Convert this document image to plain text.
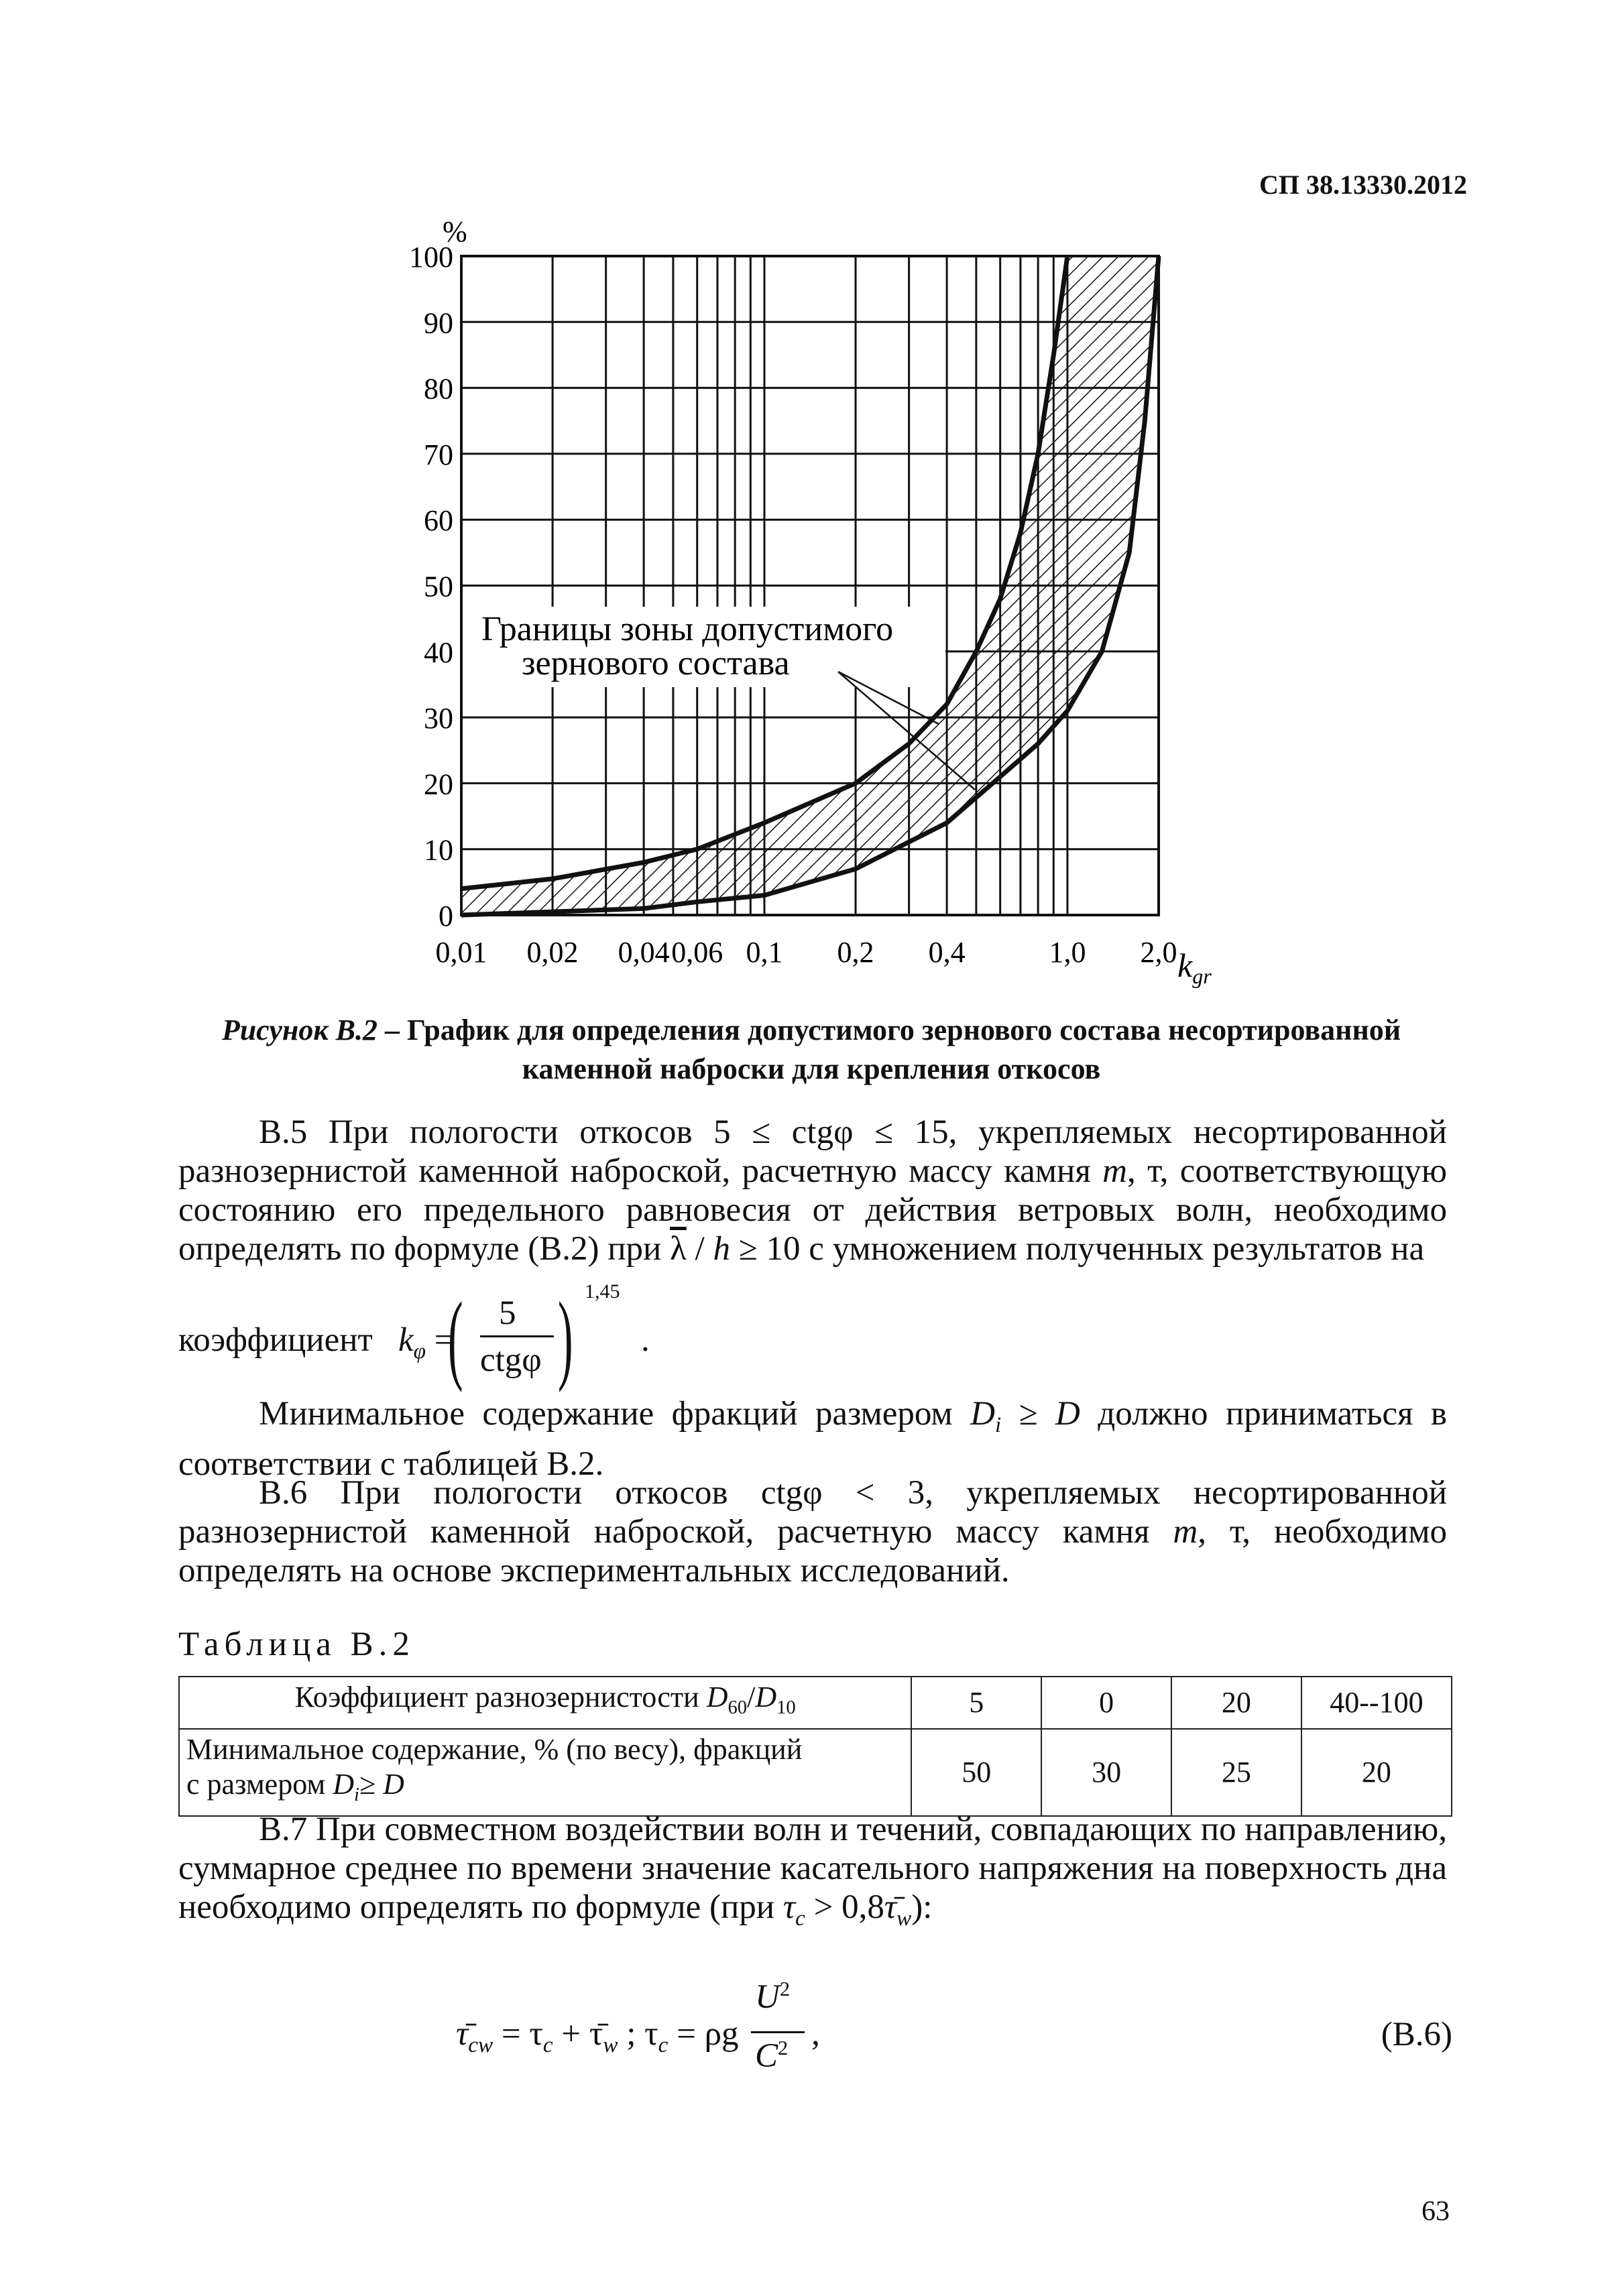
СП 38.13330.2012
0
10
20
30
40
50
60
70
80
90
100
0,01 0,02 0,04 0,06 0,1 0,2 0,4	1,0 2,0
%
$k_{gr}$
Границы зоны допустимого
зернового состава
Рисунок В.2 – График для определения допустимого зернового состава несортированной каменной наброски для крепления откосов
В.5 При пологости откосов 5 ≤ ctgφ ≤ 15, укрепляемых несортированной разнозернистой каменной наброской, расчетную массу камня m, т, соответствующую состоянию его предельного равновесия от действия ветровых волн, необходимо определять по формуле (В.2) при $\overline{\lambda} / h \ge 10$ с умножением полученных результатов на
коэффициент $k_\varphi$ =
( 5
ctgφ ) 1,45
.
Минимальное содержание фракций размером $D_i \ge D$ должно приниматься в соответствии с таблицей В.2.
В.6 При пологости откосов ctgφ < 3, укрепляемых несортированной разнозернистой каменной наброской, расчетную массу камня m, т, необходимо определять на основе экспериментальных исследований.
Таблица В.2
Коэффициент разнозернистости $D_{60}/D_{10}$	5	0	20	40--100
Минимальное содержание, % (по весу), фракций
с размером $D_i\ge D$	50	30	25	20
В.7 При совместном воздействии волн и течений, совпадающих по направлению, суммарное среднее по времени значение касательного напряжения на поверхность дна необходимо определять по формуле (при $\tau_c$ > $0,8\taū_w$):
$\taū_{cw} = \tau_c$ + $\taū_w$ ; $\tau_c = \rho g$
$U^2$
$C^2$ ,	(В.6)
63
